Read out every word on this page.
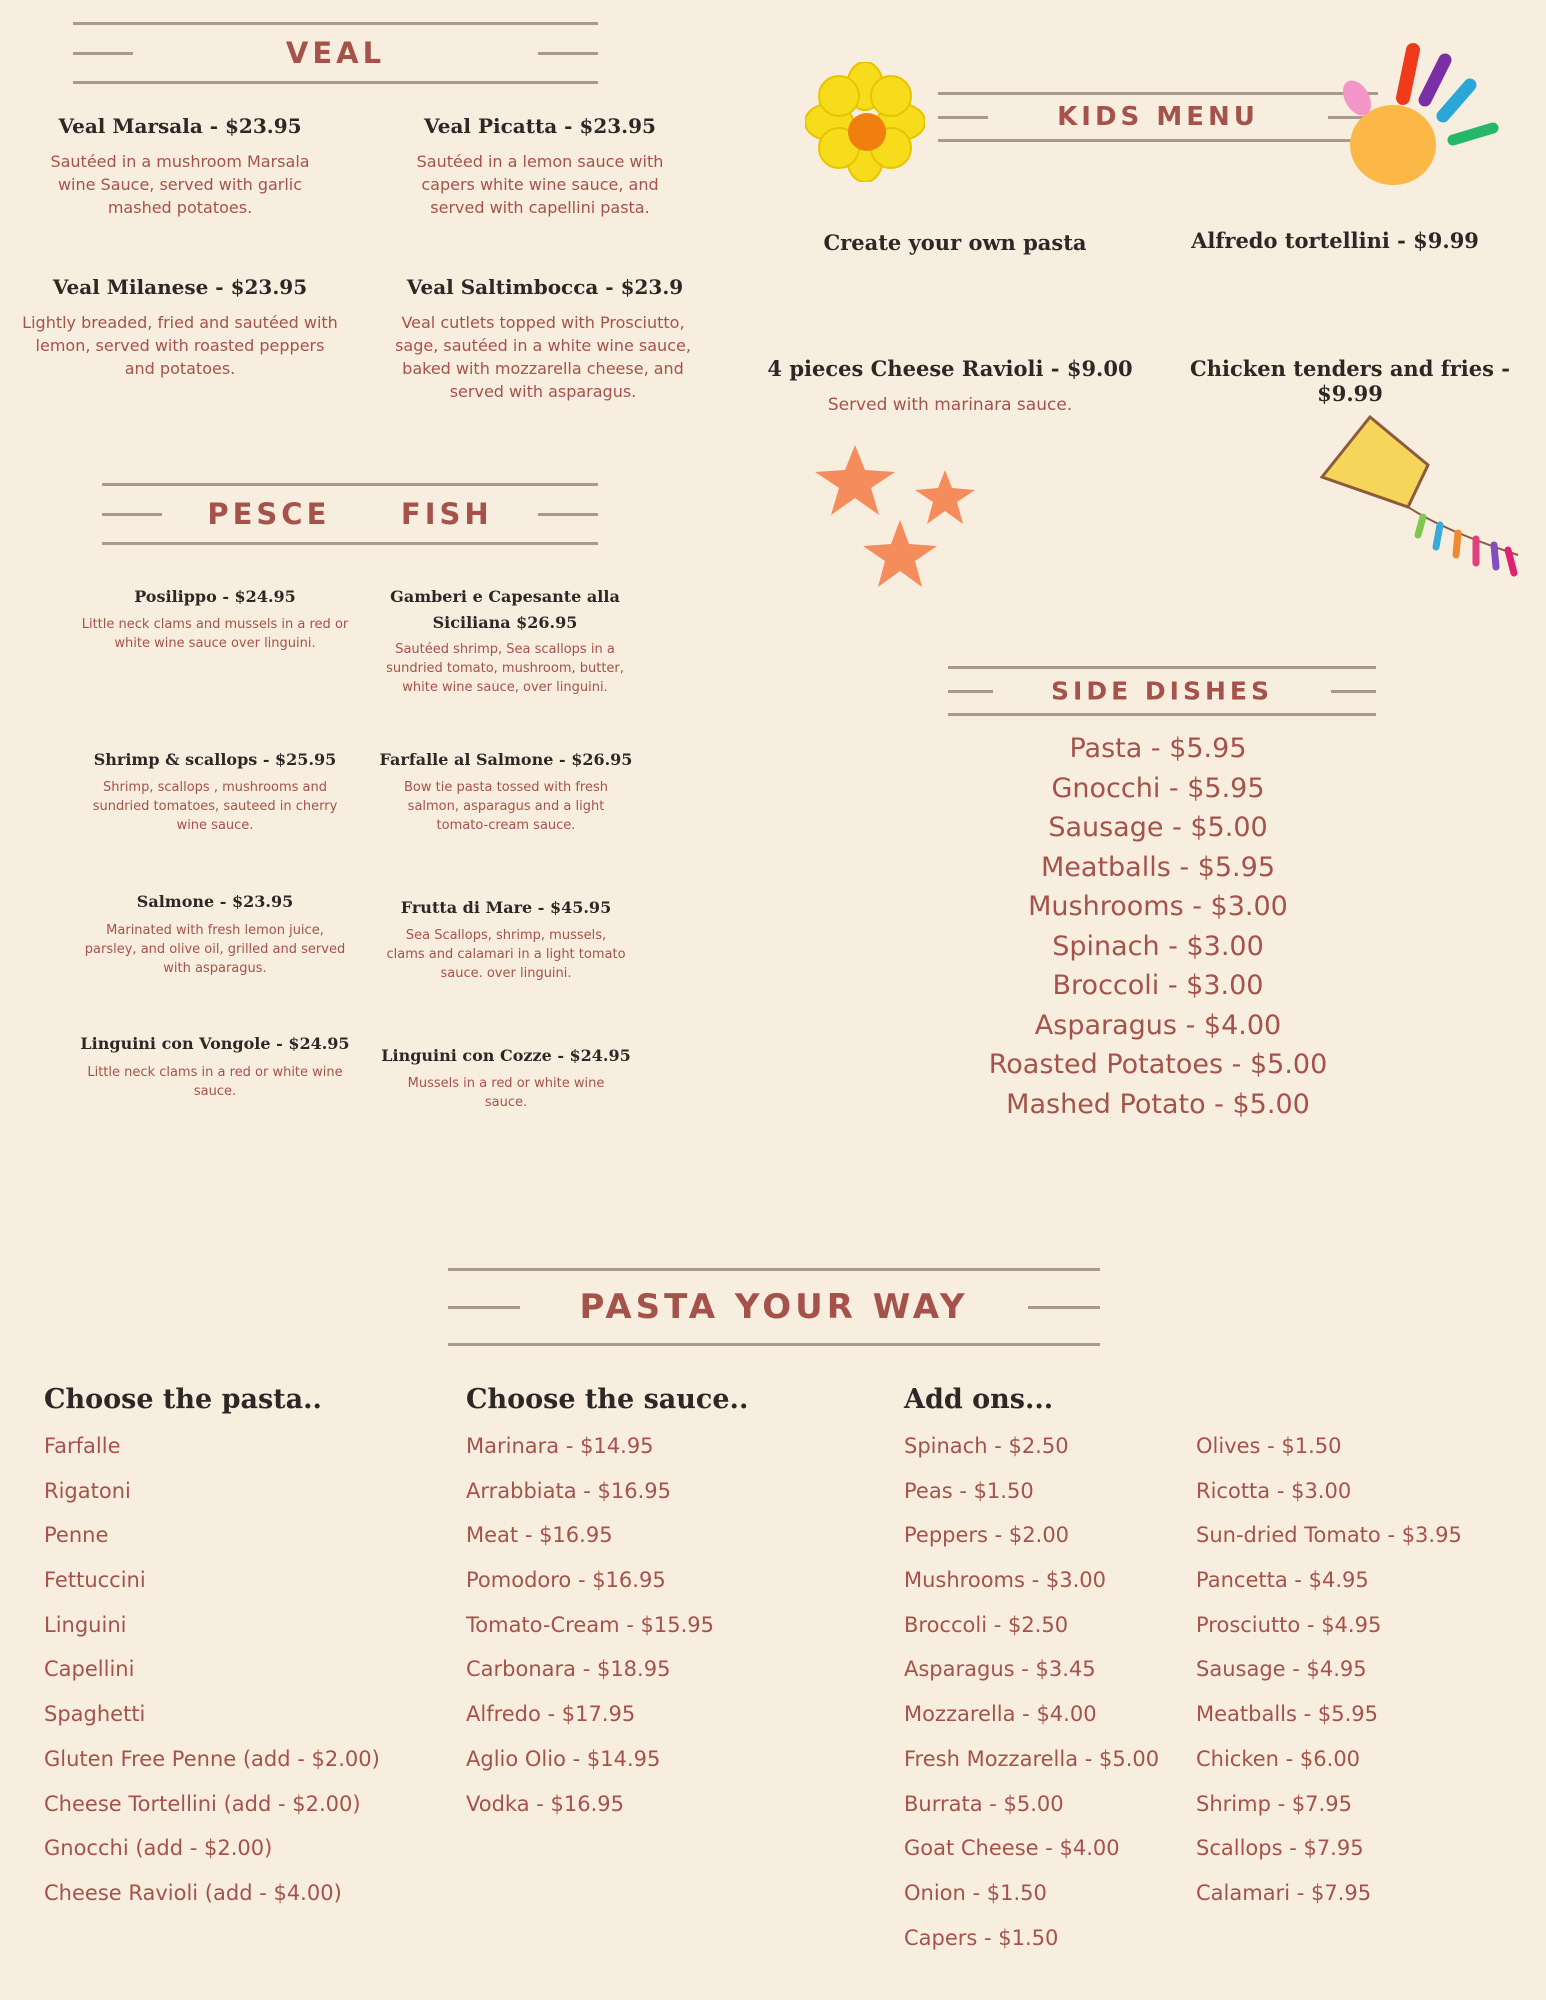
VEAL
Veal Marsala - $23.95
Sautéed in a mushroom Marsala wine Sauce, served with garlic mashed potatoes.
Veal Picatta - $23.95
Sautéed in a lemon sauce with capers white wine sauce, and served with capellini pasta.
Veal Milanese - $23.95
Lightly breaded, fried and sautéed with lemon, served with roasted peppers and potatoes.
Veal Saltimbocca - $23.9
Veal cutlets topped with Prosciutto, sage, sautéed in a white wine sauce, baked with mozzarella cheese, and served with asparagus.
PESCE     FISH
Posilippo - $24.95
Little neck clams and mussels in a red or white wine sauce over linguini.
Gamberi e Capesante alla Siciliana $26.95
Sautéed shrimp, Sea scallops in a sundried tomato, mushroom, butter, white wine sauce, over linguini.
Shrimp & scallops - $25.95
Shrimp, scallops , mushrooms and sundried tomatoes, sauteed in cherry wine sauce.
Farfalle al Salmone - $26.95
Bow tie pasta tossed with fresh salmon, asparagus and a light tomato-cream sauce.
Salmone - $23.95
Marinated with fresh lemon juice, parsley, and olive oil, grilled and served with asparagus.
Frutta di Mare - $45.95
Sea Scallops, shrimp, mussels, clams and calamari in a light tomato sauce. over linguini.
Linguini con Vongole - $24.95
Little neck clams in a red or white wine sauce.
Linguini con Cozze - $24.95
Mussels in a red or white wine sauce.
KIDS MENU
Create your own pasta	Alfredo tortellini - $9.99
4 pieces Cheese Ravioli - $9.00
Served with marinara sauce.
Chicken tenders and fries - $9.99
SIDE DISHES
Pasta - $5.95
Gnocchi - $5.95
Sausage - $5.00
Meatballs - $5.95
Mushrooms - $3.00
Spinach - $3.00
Broccoli - $3.00
Asparagus - $4.00
Roasted Potatoes - $5.00
Mashed Potato - $5.00
PASTA YOUR WAY
Choose the pasta..
Farfalle
Rigatoni
Penne
Fettuccini
Linguini
Capellini
Spaghetti
Gluten Free Penne (add - $2.00)
Cheese Tortellini (add - $2.00)
Gnocchi (add - $2.00)
Cheese Ravioli (add - $4.00)
Choose the sauce..
Marinara - $14.95
Arrabbiata - $16.95
Meat - $16.95
Pomodoro - $16.95
Tomato-Cream - $15.95
Carbonara - $18.95
Alfredo - $17.95
Aglio Olio - $14.95
Vodka - $16.95
Add ons...
Spinach - $2.50
Peas - $1.50
Peppers - $2.00
Mushrooms - $3.00
Broccoli - $2.50
Asparagus - $3.45
Mozzarella - $4.00
Fresh Mozzarella - $5.00
Burrata - $5.00
Goat Cheese - $4.00
Onion - $1.50
Capers - $1.50
Olives - $1.50
Ricotta - $3.00
Sun-dried Tomato - $3.95
Pancetta - $4.95
Prosciutto - $4.95
Sausage - $4.95
Meatballs - $5.95
Chicken - $6.00
Shrimp - $7.95
Scallops - $7.95
Calamari - $7.95
